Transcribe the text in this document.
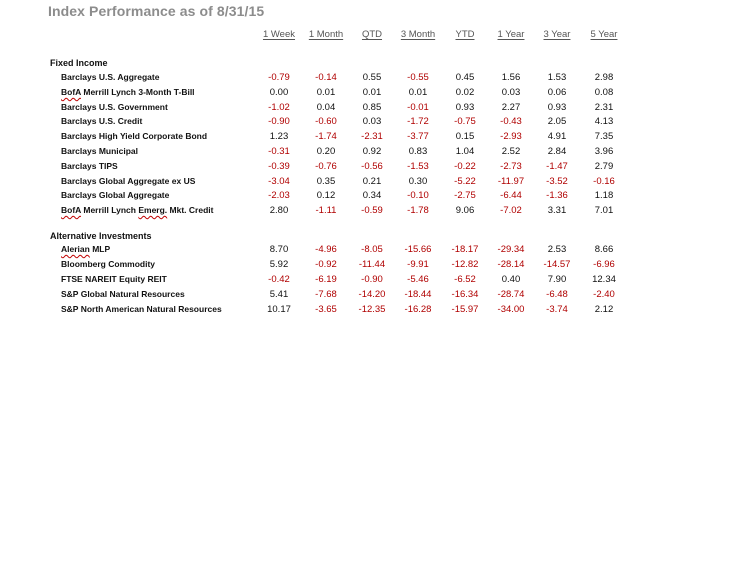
Index Performance as of 8/31/15
1 Week	1 Month	QTD	3 Month	YTD	1 Year	3 Year	5 Year
Fixed Income
Barclays U.S. Aggregate	-0.79	-0.14	0.55	-0.55	0.45	1.56	1.53	2.98
BofA Merrill Lynch 3-Month T-Bill	0.00	0.01	0.01	0.01	0.02	0.03	0.06	0.08
Barclays U.S. Government	-1.02	0.04	0.85	-0.01	0.93	2.27	0.93	2.31
Barclays U.S. Credit	-0.90	-0.60	0.03	-1.72	-0.75	-0.43	2.05	4.13
Barclays High Yield Corporate Bond	1.23	-1.74	-2.31	-3.77	0.15	-2.93	4.91	7.35
Barclays Municipal	-0.31	0.20	0.92	0.83	1.04	2.52	2.84	3.96
Barclays TIPS	-0.39	-0.76	-0.56	-1.53	-0.22	-2.73	-1.47	2.79
Barclays Global Aggregate ex US	-3.04	0.35	0.21	0.30	-5.22	-11.97	-3.52	-0.16
Barclays Global Aggregate	-2.03	0.12	0.34	-0.10	-2.75	-6.44	-1.36	1.18
BofA Merrill Lynch Emerg. Mkt. Credit	2.80	-1.11	-0.59	-1.78	9.06	-7.02	3.31	7.01
Alternative Investments
Alerian MLP	8.70	-4.96	-8.05	-15.66	-18.17	-29.34	2.53	8.66
Bloomberg Commodity	5.92	-0.92	-11.44	-9.91	-12.82	-28.14	-14.57	-6.96
FTSE NAREIT Equity REIT	-0.42	-6.19	-0.90	-5.46	-6.52	0.40	7.90	12.34
S&P Global Natural Resources	5.41	-7.68	-14.20	-18.44	-16.34	-28.74	-6.48	-2.40
S&P North American Natural Resources	10.17	-3.65	-12.35	-16.28	-15.97	-34.00	-3.74	2.12
